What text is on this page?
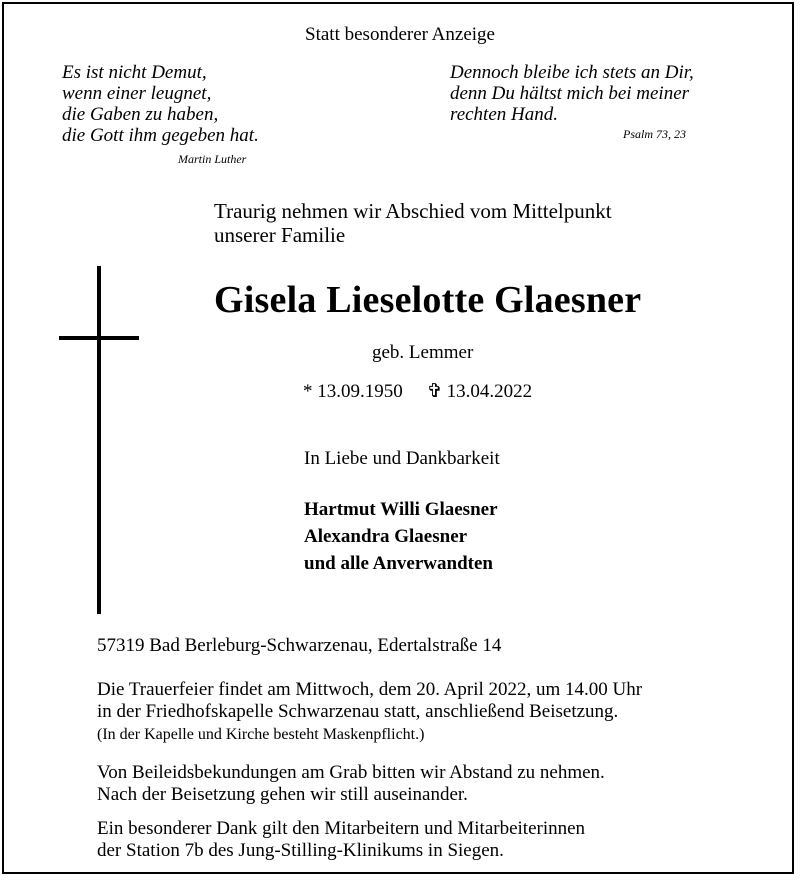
Statt besonderer Anzeige
Es ist nicht Demut,
wenn einer leugnet,
die Gaben zu haben,
die Gott ihm gegeben hat.
Martin Luther
Dennoch bleibe ich stets an Dir,
denn Du hältst mich bei meiner
rechten Hand.
Psalm 73, 23
Traurig nehmen wir Abschied vom Mittelpunkt
unserer Familie
Gisela Lieselotte Glaesner
geb. Lemmer
* 13.09.1950 ✞ 13.04.2022
In Liebe und Dankbarkeit
Hartmut Willi Glaesner
Alexandra Glaesner
und alle Anverwandten
57319 Bad Berleburg-Schwarzenau, Edertalstraße 14
Die Trauerfeier findet am Mittwoch, dem 20. April 2022, um 14.00 Uhr
in der Friedhofskapelle Schwarzenau statt, anschließend Beisetzung.
(In der Kapelle und Kirche besteht Maskenpflicht.)
Von Beileidsbekundungen am Grab bitten wir Abstand zu nehmen.
Nach der Beisetzung gehen wir still auseinander.
Ein besonderer Dank gilt den Mitarbeitern und Mitarbeiterinnen
der Station 7b des Jung-Stilling-Klinikums in Siegen.
